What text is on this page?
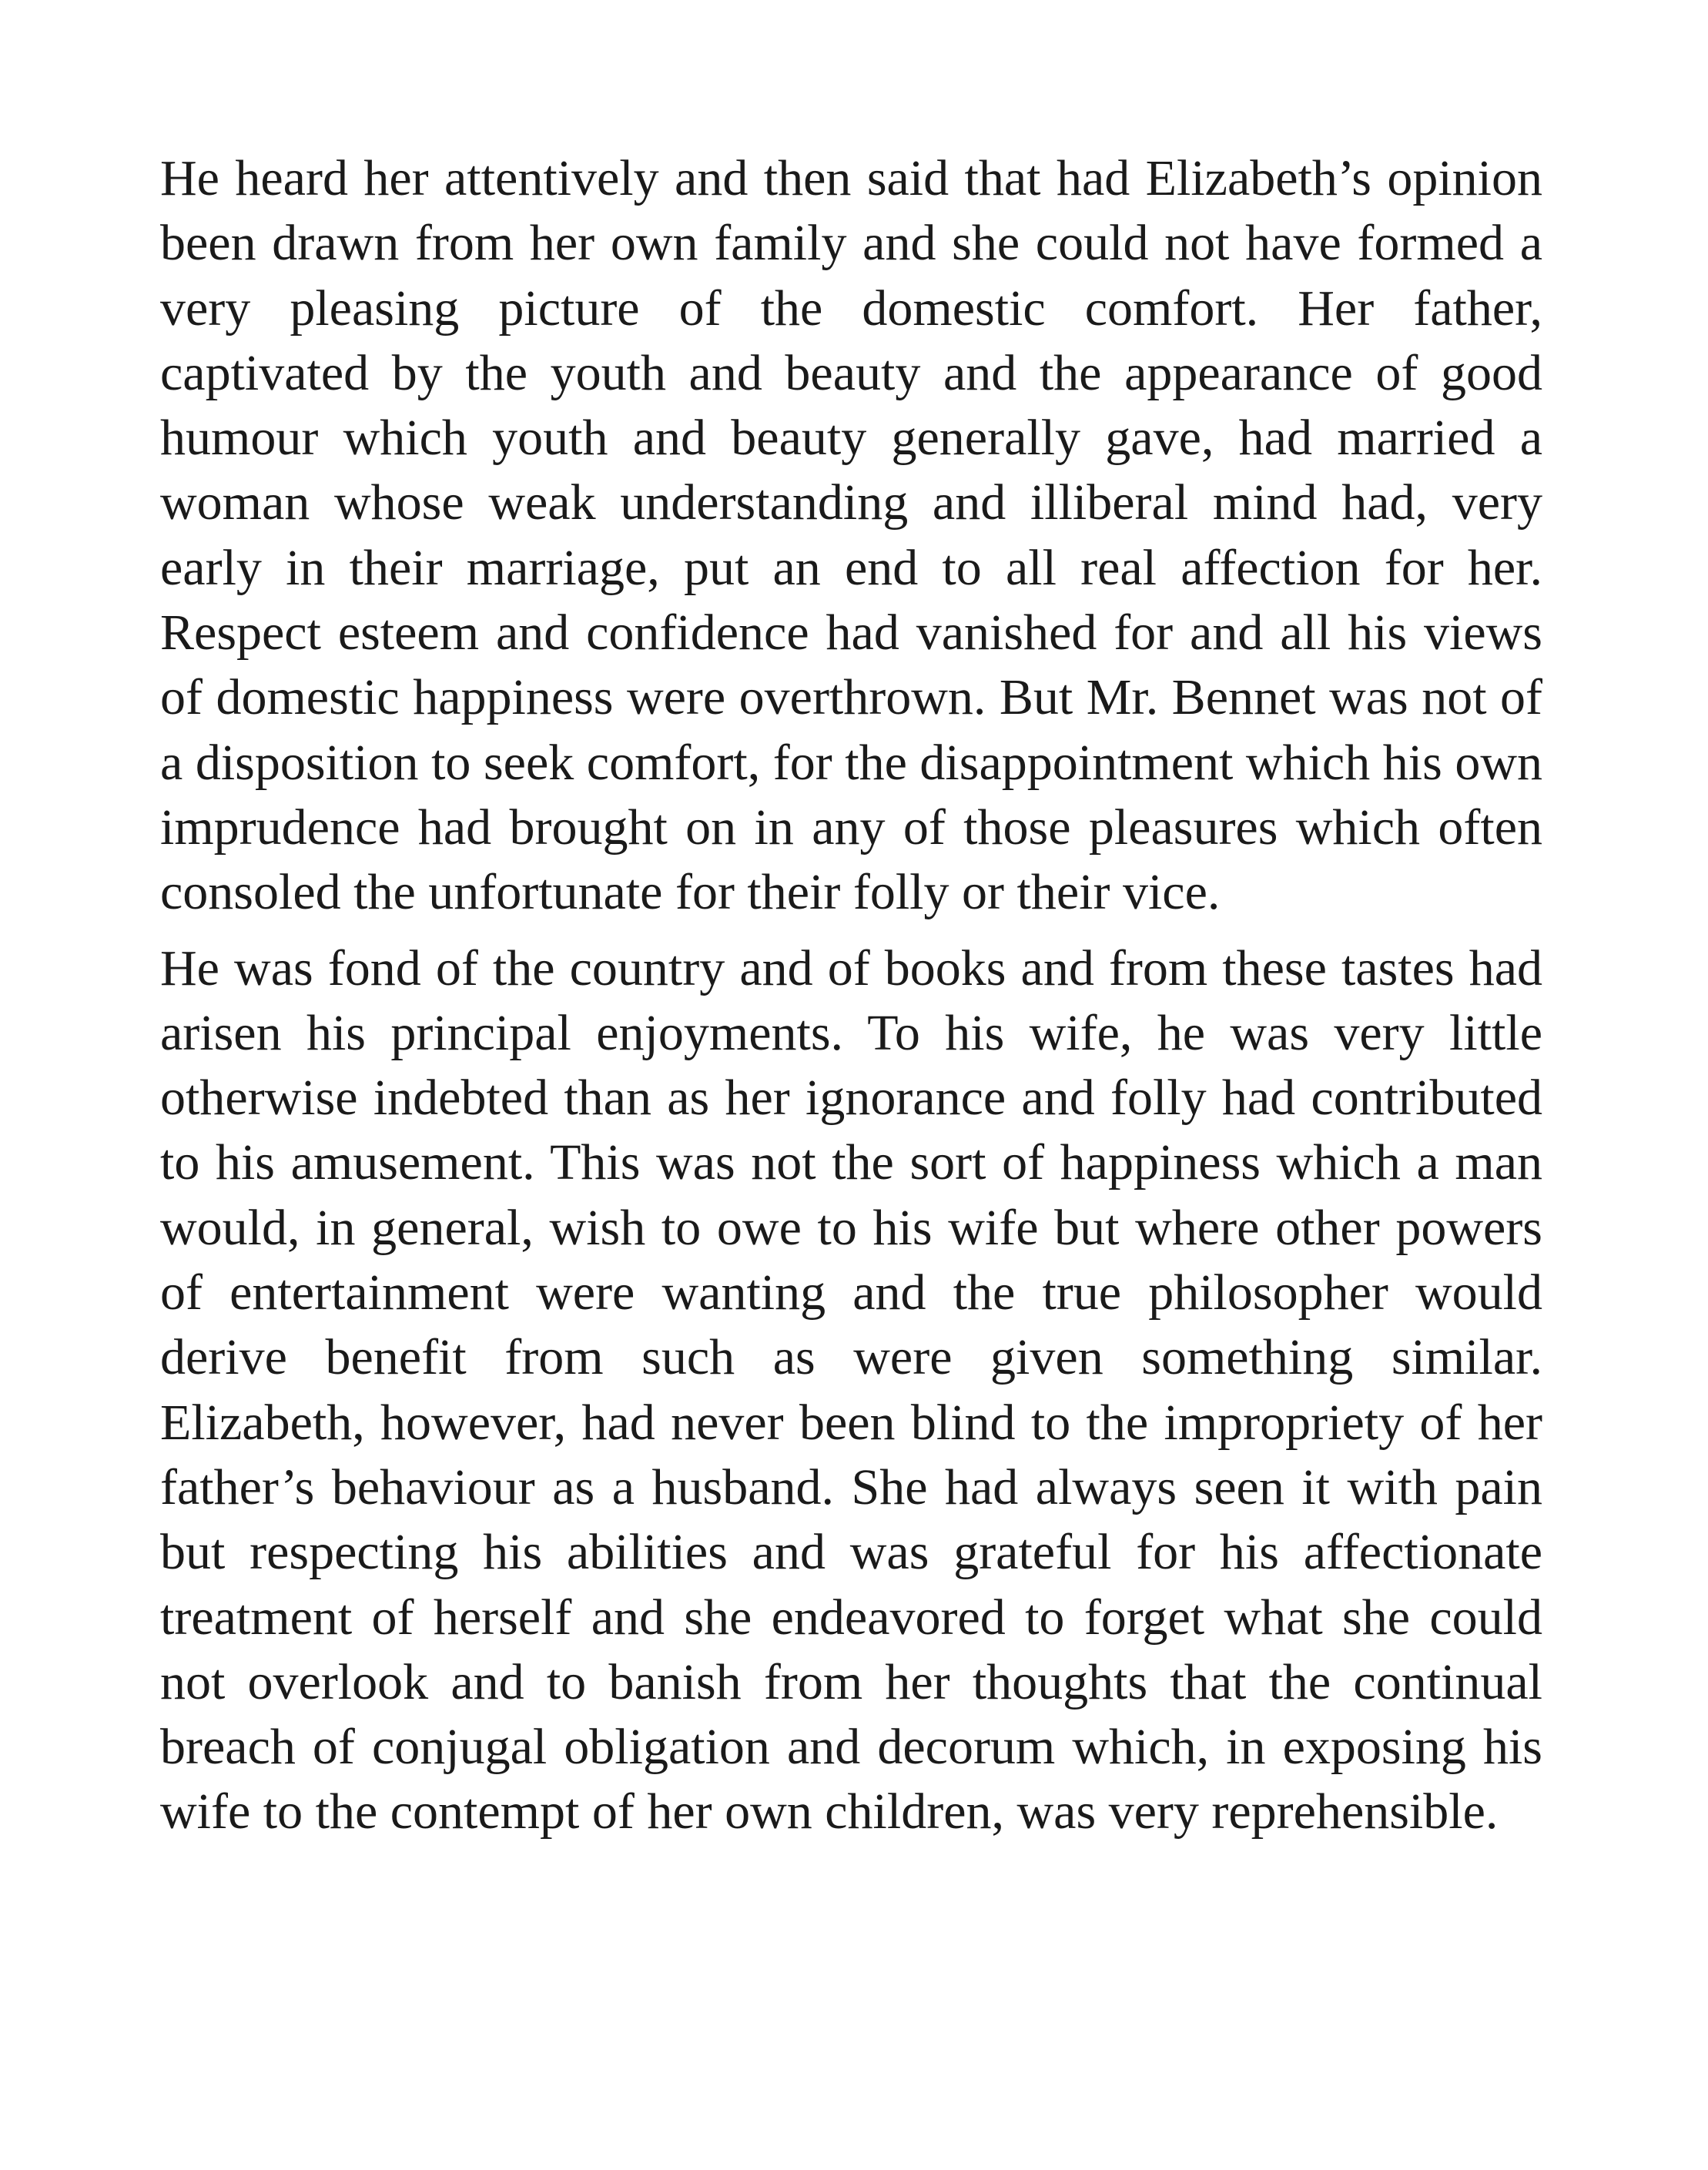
He heard her attentively and then said that had Elizabeth’s opinion been drawn from her own family and she could not have formed a very pleasing picture of the domestic comfort. Her father, captivated by the youth and beauty and the appearance of good humour which youth and beauty generally gave, had married a woman whose weak understanding and illiberal mind had, very early in their marriage, put an end to all real affection for her. Respect esteem and confidence had vanished for and all his views of domestic happiness were overthrown. But Mr. Bennet was not of a disposition to seek comfort, for the disappointment which his own imprudence had brought on in any of those pleasures which often consoled the unfortunate for their folly or their vice.

He was fond of the country and of books and from these tastes had arisen his principal enjoyments. To his wife, he was very little otherwise indebted than as her ignorance and folly had contributed to his amusement. This was not the sort of happiness which a man would, in general, wish to owe to his wife but where other powers of entertainment were wanting and the true philosopher would derive benefit from such as were given something similar. Elizabeth, however, had never been blind to the impropriety of her father’s behaviour as a husband. She had always seen it with pain but respecting his abilities and was grateful for his affectionate treatment of herself and she endeavored to forget what she could not overlook and to banish from her thoughts that the continual breach of conjugal obligation and decorum which, in exposing his wife to the contempt of her own children, was very reprehensible.
